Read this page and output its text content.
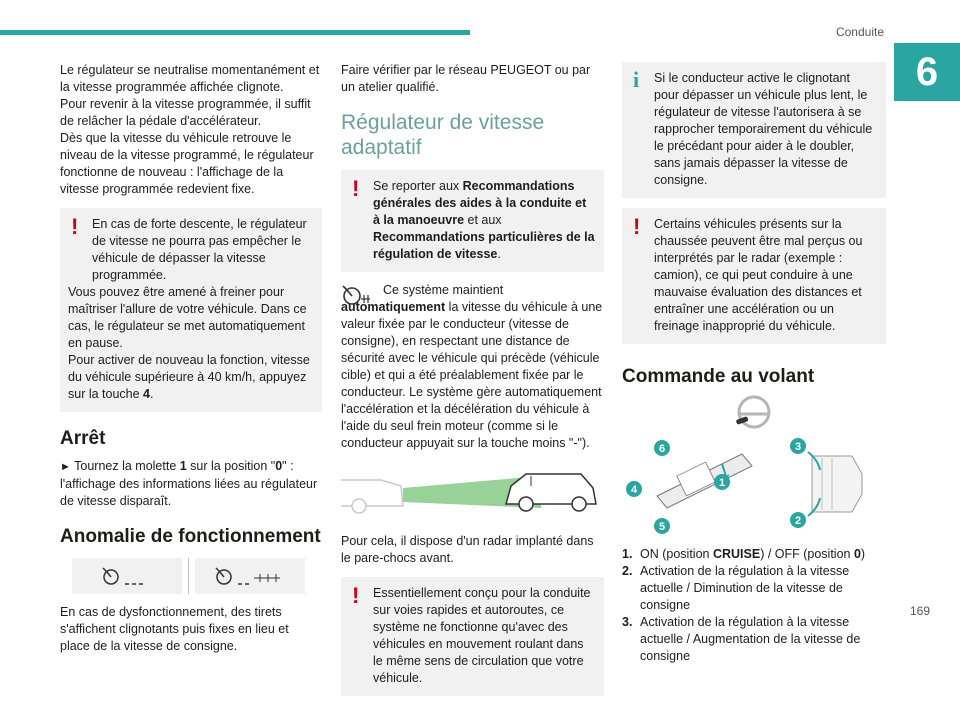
Conduite
6
169

Le régulateur se neutralise momentanément et la vitesse programmée affichée clignote.

Pour revenir à la vitesse programmée, il suffit de relâcher la pédale d'accélérateur.

Dès que la vitesse du véhicule retrouve le niveau de la vitesse programmé, le régulateur fonctionne de nouveau : l'affichage de la vitesse programmée redevient fixe.

!	En cas de forte descente, le régulateur de vitesse ne pourra pas empêcher le véhicule de dépasser la vitesse programmée.

Vous pouvez être amené à freiner pour maîtriser l'allure de votre véhicule. Dans ce cas, le régulateur se met automatiquement en pause.

Pour activer de nouveau la fonction, vitesse du véhicule supérieure à 40 km/h, appuyez sur la touche 4.

Arrêt

► Tournez la molette 1 sur la position "0" : l'affichage des informations liées au régulateur de vitesse disparaît.

Anomalie de fonctionnement

En cas de dysfonctionnement, des tirets s'affichent clignotants puis fixes en lieu et place de la vitesse de consigne.

Faire vérifier par le réseau PEUGEOT ou par un atelier qualifié.

Régulateur de vitesse adaptatif
!	Se reporter aux Recommandations générales des aides à la conduite et à la manoeuvre et aux Recommandations particulières de la régulation de vitesse.

Ce système maintient automatiquement la vitesse du véhicule à une valeur fixée par le conducteur (vitesse de consigne), en respectant une distance de sécurité avec le véhicule qui précède (véhicule cible) et qui a été préalablement fixée par le conducteur. Le système gère automatiquement l'accélération et la décélération du véhicule à l'aide du seul frein moteur (comme si le conducteur appuyait sur la touche moins "-").

Pour cela, il dispose d'un radar implanté dans le pare-chocs avant.

!	Essentiellement conçu pour la conduite sur voies rapides et autoroutes, ce système ne fonctionne qu'avec des véhicules en mouvement roulant dans le même sens de circulation que votre véhicule.

i	Si le conducteur active le clignotant pour dépasser un véhicule plus lent, le régulateur de vitesse l'autorisera à se rapprocher temporairement du véhicule le précédant pour aider à le doubler, sans jamais dépasser la vitesse de consigne.

!	Certains véhicules présents sur la chaussée peuvent être mal perçus ou interprétés par le radar (exemple : camion), ce qui peut conduire à une mauvaise évaluation des distances et entraîner une accélération ou un freinage inapproprié du véhicule.

Commande au volant
6
4
5
1
3
2
1. ON (position CRUISE) / OFF (position 0)
2. Activation de la régulation à la vitesse actuelle / Diminution de la vitesse de consigne
3. Activation de la régulation à la vitesse actuelle / Augmentation de la vitesse de consigne
